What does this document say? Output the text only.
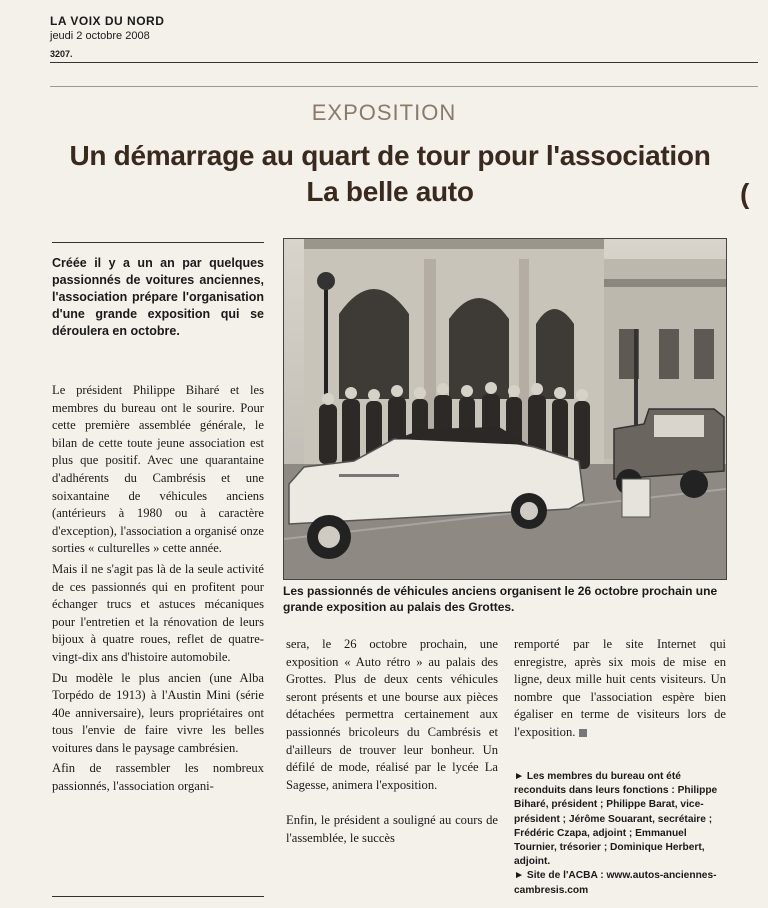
LA VOIX DU NORD
jeudi 2 octobre 2008
3207.
EXPOSITION
Un démarrage au quart de tour pour l'association La belle auto	(
Créée il y a un an par quelques passionnés de voitures anciennes, l'association prépare l'organisation d'une grande exposition qui se déroulera en octobre.

Le président Philippe Biharé et les membres du bureau ont le sourire. Pour cette première assemblée générale, le bilan de cette toute jeune association est plus que positif. Avec une quarantaine d'adhérents du Cambrésis et une soixantaine de véhicules anciens (antérieurs à 1980 ou à caractère d'exception), l'association a organisé onze sorties « culturelles » cette année.

Mais il ne s'agit pas là de la seule activité de ces passionnés qui en profitent pour échanger trucs et astuces mécaniques pour l'entretien et la rénovation de leurs bijoux à quatre roues, reflet de quatre-vingt-dix ans d'histoire automobile.

Du modèle le plus ancien (une Alba Torpédo de 1913) à l'Austin Mini (série 40e anniversaire), leurs propriétaires ont tous l'envie de faire vivre les belles voitures dans le paysage cambrésien.

Afin de rassembler les nombreux passionnés, l'association organi-

Les passionnés de véhicules anciens organisent le 26 octobre prochain une grande exposition au palais des Grottes.

sera, le 26 octobre prochain, une exposition « Auto rétro » au palais des Grottes. Plus de deux cents véhicules seront présents et une bourse aux pièces détachées permettra certainement aux passionnés bricoleurs du Cambrésis et d'ailleurs de trouver leur bonheur. Un défilé de mode, réalisé par le lycée La Sagesse, animera l'exposition.

Enfin, le président a souligné au cours de l'assemblée, le succès

remporté par le site Internet qui enregistre, après six mois de mise en ligne, deux mille huit cents visiteurs. Un nombre que l'association espère bien égaliser en terme de visiteurs lors de l'exposition.

► Les membres du bureau ont été reconduits dans leurs fonctions : Philippe Biharé, président ; Philippe Barat, vice-président ; Jérôme Souarant, secrétaire ; Frédéric Czapa, adjoint ; Emmanuel Tournier, trésorier ; Dominique Herbert, adjoint.

► Site de l'ACBA : www.autos-anciennes-cambresis.com
